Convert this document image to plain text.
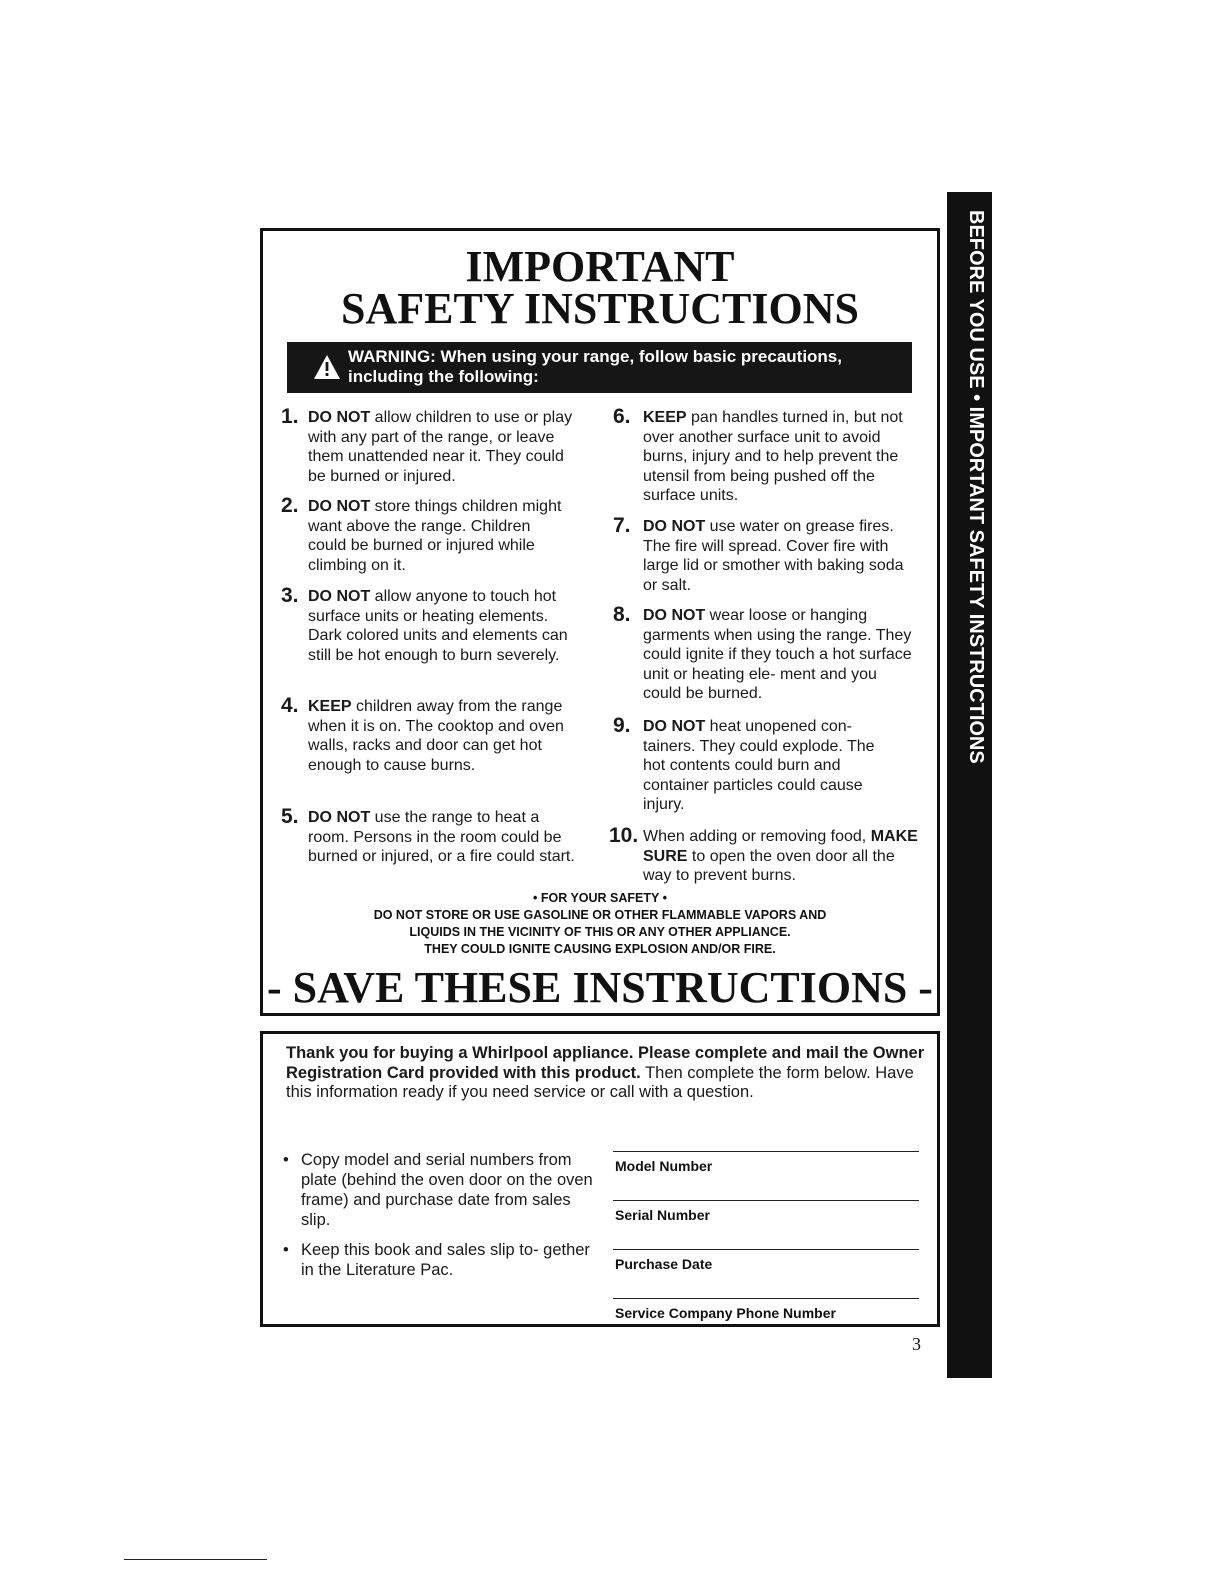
IMPORTANT
SAFETY INSTRUCTIONS
WARNING: When using your range, follow basic precautions, including the following:
1. DO NOT allow children to use or play with any part of the range, or leave them unattended near it. They could be burned or injured.
2. DO NOT store things children might want above the range. Children could be burned or injured while climbing on it.
3. DO NOT allow anyone to touch hot surface units or heating elements. Dark colored units and elements can still be hot enough to burn severely.
4. KEEP children away from the range when it is on. The cooktop and oven walls, racks and door can get hot enough to cause burns.
5. DO NOT use the range to heat a room. Persons in the room could be burned or injured, or a fire could start.
6. KEEP pan handles turned in, but not over another surface unit to avoid burns, injury and to help prevent the utensil from being pushed off the surface units.
7. DO NOT use water on grease fires. The fire will spread. Cover fire with large lid or smother with baking soda or salt.
8. DO NOT wear loose or hanging garments when using the range. They could ignite if they touch a hot surface unit or heating ele- ment and you could be burned.
9. DO NOT heat unopened con- tainers. They could explode. The hot contents could burn and container particles could cause injury.
10. When adding or removing food, MAKE SURE to open the oven door all the way to prevent burns.
• FOR YOUR SAFETY •
DO NOT STORE OR USE GASOLINE OR OTHER FLAMMABLE VAPORS AND
LIQUIDS IN THE VICINITY OF THIS OR ANY OTHER APPLIANCE.
THEY COULD IGNITE CAUSING EXPLOSION AND/OR FIRE.
- SAVE THESE INSTRUCTIONS -
Thank you for buying a Whirlpool appliance. Please complete and mail the Owner Registration Card provided with this product. Then complete the form below. Have this information ready if you need service or call with a question.
• Copy model and serial numbers from plate (behind the oven door on the oven frame) and purchase date from sales slip.
• Keep this book and sales slip to- gether in the Literature Pac.
Model Number
Serial Number
Purchase Date
Service Company Phone Number
3
BEFORE YOU USE • IMPORTANT SAFETY INSTRUCTIONS
